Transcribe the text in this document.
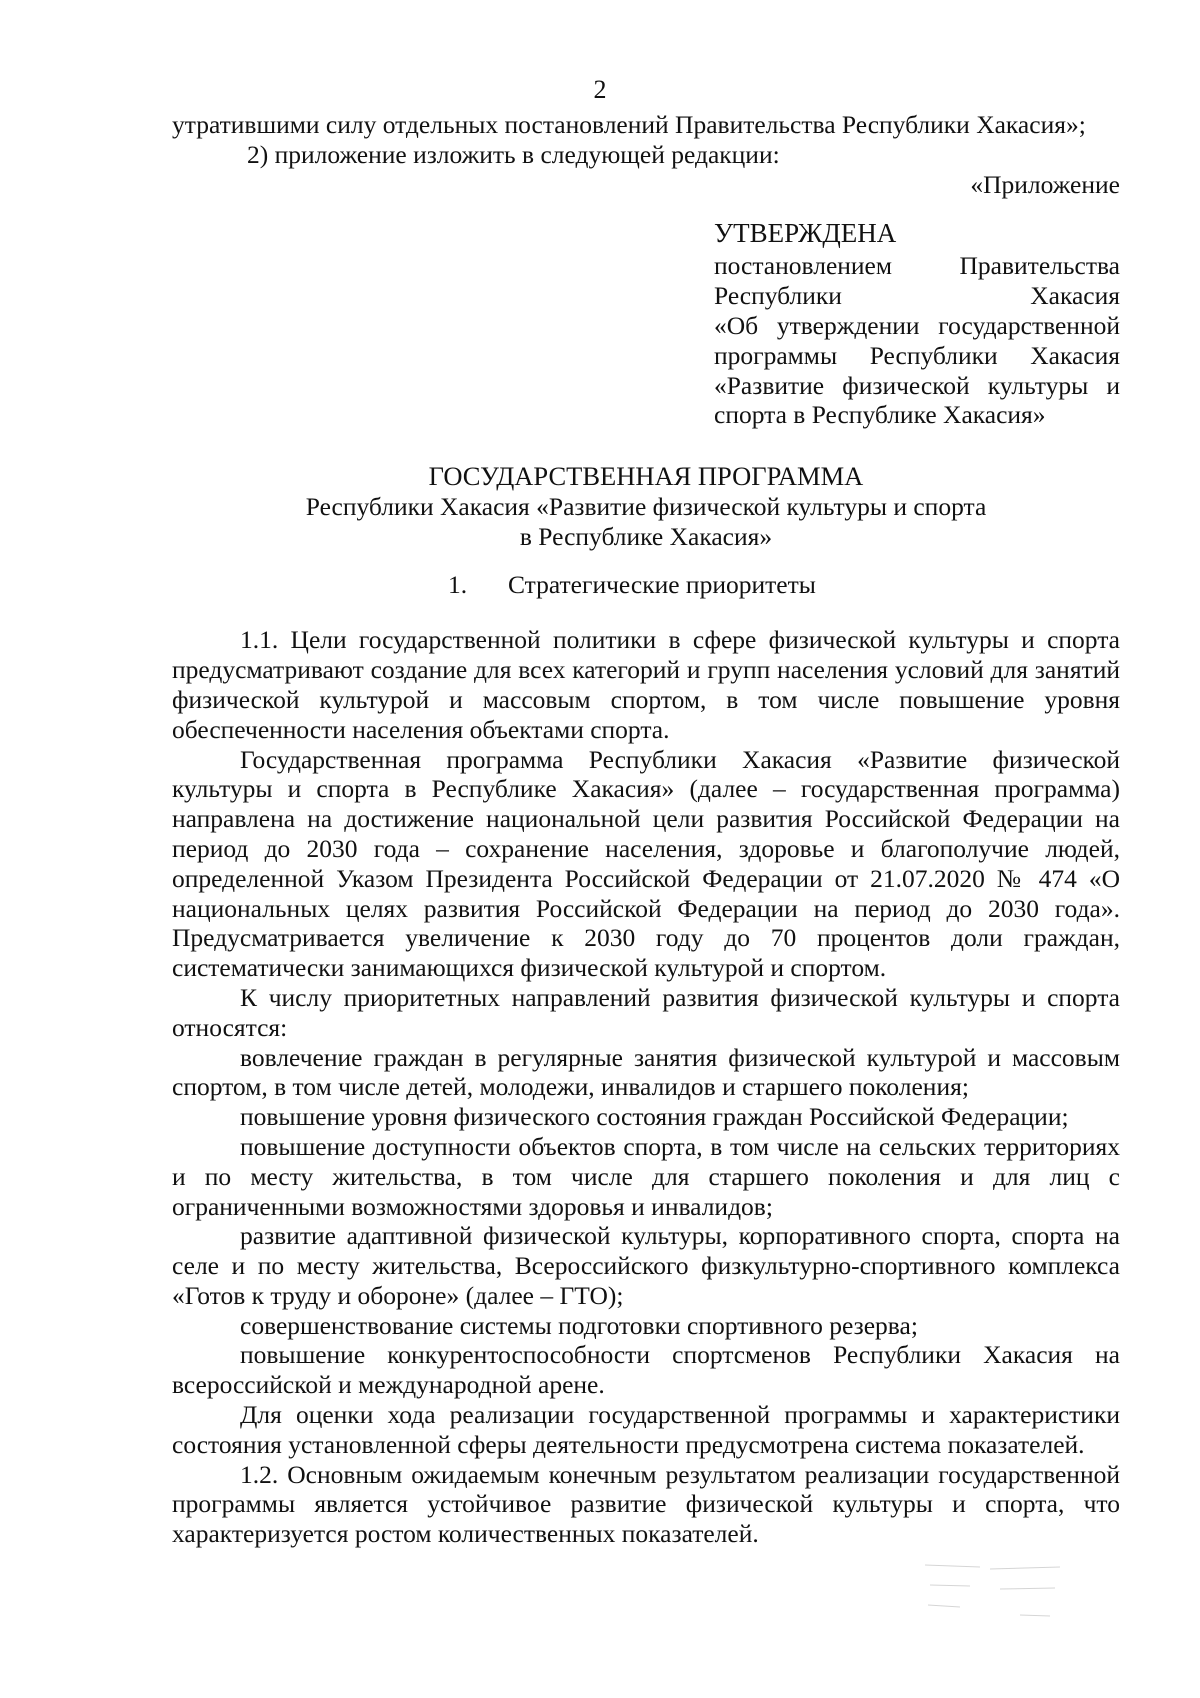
2

утратившими силу отдельных постановлений Правительства Республики Хакасия»;

2) приложение изложить в следующей редакции:

«Приложение

УТВЕРЖДЕНА

постановлением Правительства

Республики Хакасия

«Об утверждении государственной

программы Республики Хакасия

«Развитие физической культуры и

спорта в Республике Хакасия»

ГОСУДАРСТВЕННАЯ ПРОГРАММА

Республики Хакасия «Развитие физической культуры и спорта

в Республике Хакасия»

1. Стратегические приоритеты

1.1. Цели государственной политики в сфере физической культуры и спорта предусматривают создание для всех категорий и групп населения условий для занятий физической культурой и массовым спортом, в том числе повышение уровня обеспеченности населения объектами спорта.

Государственная программа Республики Хакасия «Развитие физической культуры и спорта в Республике Хакасия» (далее – государственная программа) направлена на достижение национальной цели развития Российской Федерации на период до 2030 года – сохранение населения, здоровье и благополучие людей, определенной Указом Президента Российской Федерации от 21.07.2020 № 474 «О национальных целях развития Российской Федерации на период до 2030 года». Предусматривается увеличение к 2030 году до 70 процентов доли граждан, систематически занимающихся физической культурой и спортом.

К числу приоритетных направлений развития физической культуры и спорта относятся:

вовлечение граждан в регулярные занятия физической культурой и массовым спортом, в том числе детей, молодежи, инвалидов и старшего поколения;

повышение уровня физического состояния граждан Российской Федерации;

повышение доступности объектов спорта, в том числе на сельских территориях и по месту жительства, в том числе для старшего поколения и для лиц с ограниченными возможностями здоровья и инвалидов;

развитие адаптивной физической культуры, корпоративного спорта, спорта на селе и по месту жительства, Всероссийского физкультурно-спортивного комплекса «Готов к труду и обороне» (далее – ГТО);

совершенствование системы подготовки спортивного резерва;

повышение конкурентоспособности спортсменов Республики Хакасия на всероссийской и международной арене.

Для оценки хода реализации государственной программы и характеристики состояния установленной сферы деятельности предусмотрена система показателей.

1.2. Основным ожидаемым конечным результатом реализации государственной программы является устойчивое развитие физической культуры и спорта, что характеризуется ростом количественных показателей.
